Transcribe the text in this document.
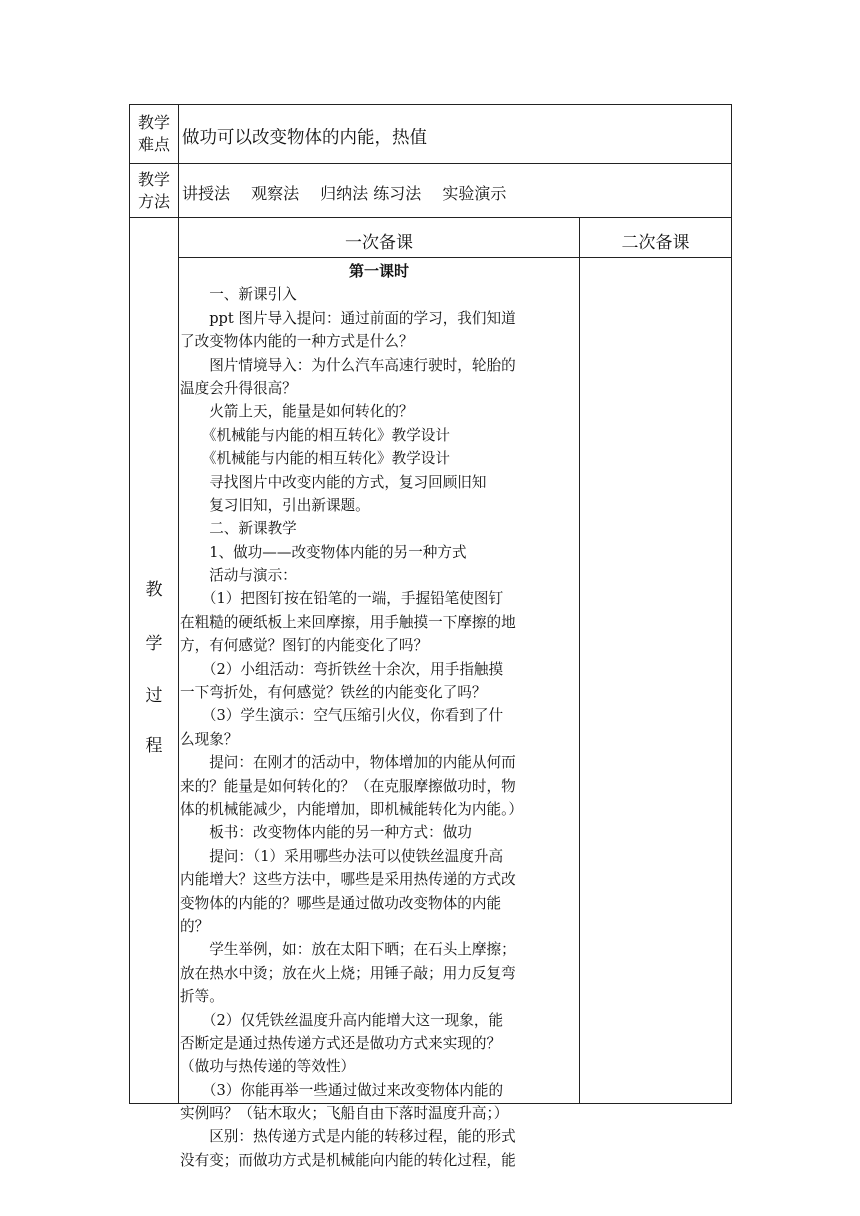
教学
难点 做功可以改变物体的内能，热值
教学
方法 讲授法　 观察法　 归纳法 练习法　 实验演示
一次备课	二次备课
教
学
过
程
第一课时
　　一、新课引入
　　ppt 图片导入提问：通过前面的学习，我们知道
了改变物体内能的一种方式是什么？
　　图片情境导入：为什么汽车高速行驶时，轮胎的
温度会升得很高？
　　火箭上天，能量是如何转化的？
　　《机械能与内能的相互转化》教学设计
　　《机械能与内能的相互转化》教学设计
　　寻找图片中改变内能的方式，复习回顾旧知
　　复习旧知，引出新课题。
　　二、新课教学
　　1、做功——改变物体内能的另一种方式
　　活动与演示：
　　（1）把图钉按在铅笔的一端，手握铅笔使图钉
在粗糙的硬纸板上来回摩擦，用手触摸一下摩擦的地
方，有何感觉？图钉的内能变化了吗？
　　（2）小组活动：弯折铁丝十余次，用手指触摸
一下弯折处，有何感觉？铁丝的内能变化了吗？
　　（3）学生演示：空气压缩引火仪，你看到了什
么现象？
　　提问：在刚才的活动中，物体增加的内能从何而
来的？能量是如何转化的？（在克服摩擦做功时，物
体的机械能减少，内能增加，即机械能转化为内能。）
　　板书：改变物体内能的另一种方式：做功
　　提问：（1）采用哪些办法可以使铁丝温度升高
内能增大？这些方法中，哪些是采用热传递的方式改
变物体的内能的？哪些是通过做功改变物体的内能
的？
　　学生举例，如：放在太阳下晒；在石头上摩擦；
放在热水中烫；放在火上烧；用锤子敲；用力反复弯
折等。
　　（2）仅凭铁丝温度升高内能增大这一现象，能
否断定是通过热传递方式还是做功方式来实现的？
（做功与热传递的等效性）
　　（3）你能再举一些通过做过来改变物体内能的
实例吗？（钻木取火；飞船自由下落时温度升高；）
　　区别：热传递方式是内能的转移过程，能的形式
没有变；而做功方式是机械能向内能的转化过程，能
